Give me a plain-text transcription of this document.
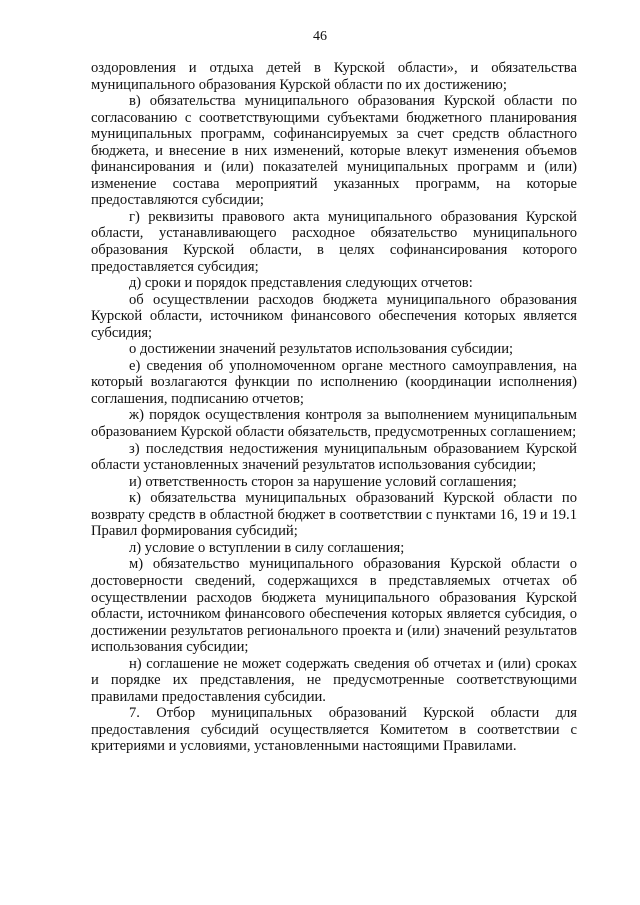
46

оздоровления и отдыха детей в Курской области», и обязательства муниципального образования Курской области по их достижению;

в) обязательства муниципального образования Курской области по согласованию с соответствующими субъектами бюджетного планирования муниципальных программ, софинансируемых за счет средств областного бюджета, и внесение в них изменений, которые влекут изменения объемов финансирования и (или) показателей муниципальных программ и (или) изменение состава мероприятий указанных программ, на которые предоставляются субсидии;

г) реквизиты правового акта муниципального образования Курской области, устанавливающего расходное обязательство муниципального образования Курской области, в целях софинансирования которого предоставляется субсидия;

д) сроки и порядок представления следующих отчетов:

об осуществлении расходов бюджета муниципального образования Курской области, источником финансового обеспечения которых является субсидия;

о достижении значений результатов использования субсидии;

е) сведения об уполномоченном органе местного самоуправления, на который возлагаются функции по исполнению (координации исполнения) соглашения, подписанию отчетов;

ж) порядок осуществления контроля за выполнением муниципальным образованием Курской области обязательств, предусмотренных соглашением;

з) последствия недостижения муниципальным образованием Курской области установленных значений результатов использования субсидии;

и) ответственность сторон за нарушение условий соглашения;

к) обязательства муниципальных образований Курской области по возврату средств в областной бюджет в соответствии с пунктами 16, 19 и 19.1 Правил формирования субсидий;

л) условие о вступлении в силу соглашения;

м) обязательство муниципального образования Курской области о достоверности сведений, содержащихся в представляемых отчетах об осуществлении расходов бюджета муниципального образования Курской области, источником финансового обеспечения которых является субсидия, о достижении результатов регионального проекта и (или) значений результатов использования субсидии;

н) соглашение не может содержать сведения об отчетах и (или) сроках и порядке их представления, не предусмотренные соответствующими правилами предоставления субсидии.

7. Отбор муниципальных образований Курской области для предоставления субсидий осуществляется Комитетом в соответствии с критериями и условиями, установленными настоящими Правилами.
